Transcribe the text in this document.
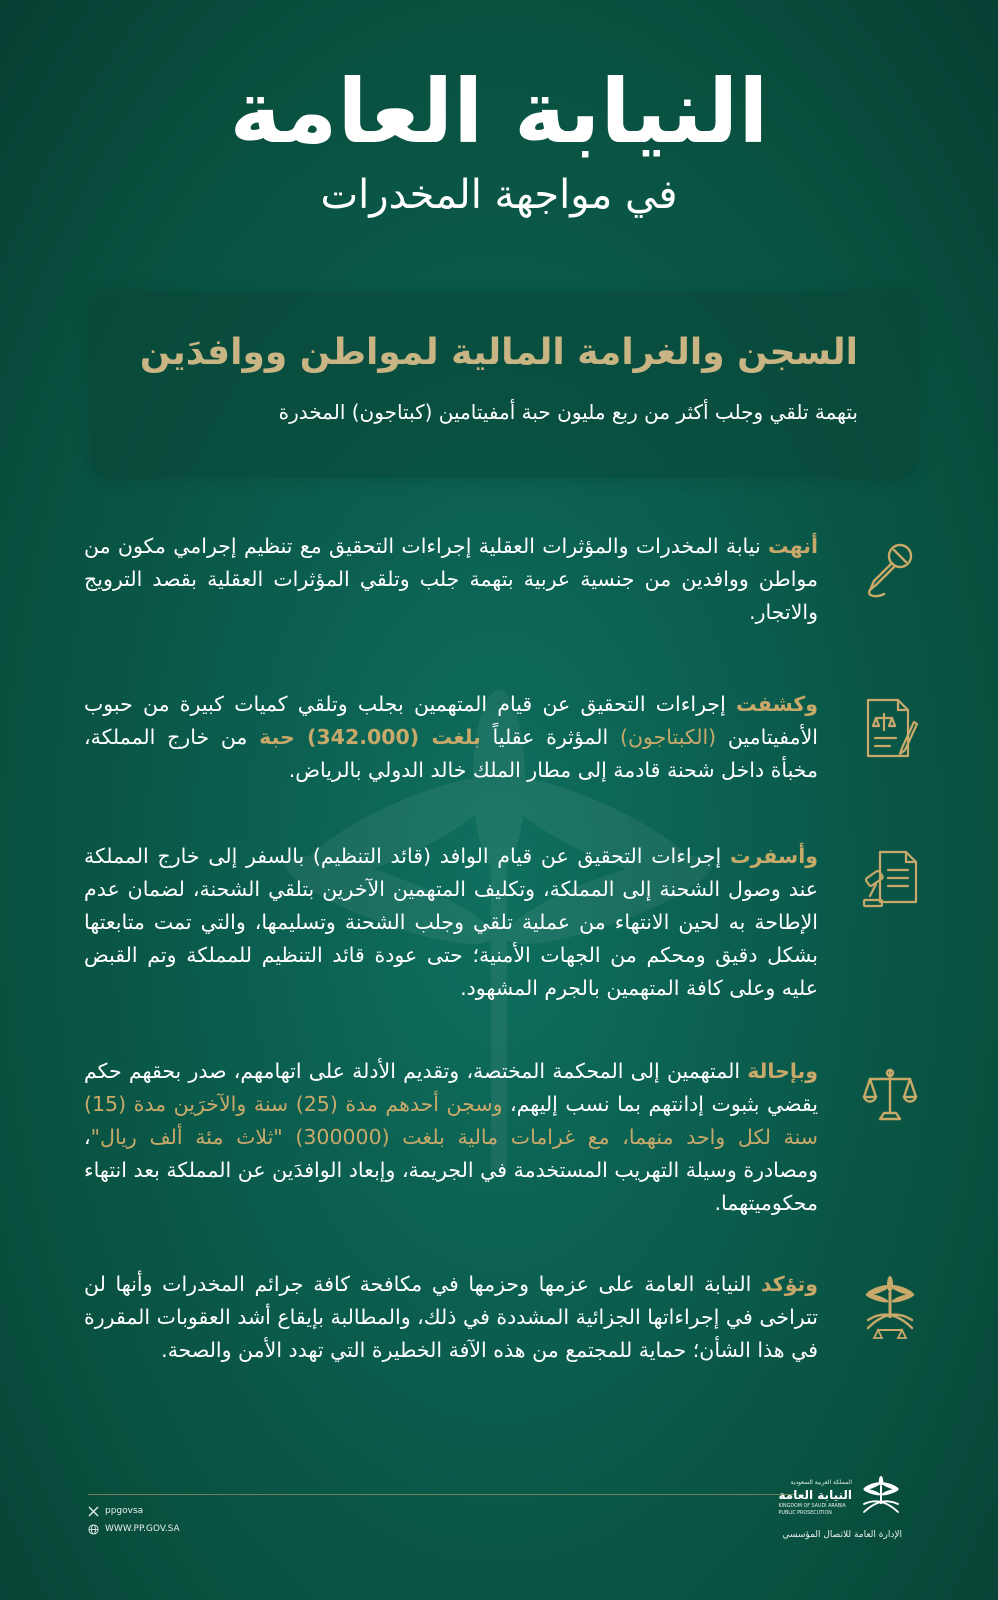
النيابة العامة
في مواجهة المخدرات
السجن والغرامة المالية لمواطن ووافدَين
بتهمة تلقي وجلب أكثر من ربع مليون حبة أمفيتامين (كبتاجون) المخدرة
أنهت نيابة المخدرات والمؤثرات العقلية إجراءات التحقيق مع تنظيم إجرامي مكون من مواطن ووافدين من جنسية عربية بتهمة جلب وتلقي المؤثرات العقلية بقصد الترويج والاتجار.
وكشفت إجراءات التحقيق عن قيام المتهمين بجلب وتلقي كميات كبيرة من حبوب الأمفيتامين (الكبتاجون) المؤثرة عقلياً بلغت (342.000) حبة من خارج المملكة، مخبأة داخل شحنة قادمة إلى مطار الملك خالد الدولي بالرياض.
وأسفرت إجراءات التحقيق عن قيام الوافد (قائد التنظيم) بالسفر إلى خارج المملكة عند وصول الشحنة إلى المملكة، وتكليف المتهمين الآخرين بتلقي الشحنة، لضمان عدم الإطاحة به لحين الانتهاء من عملية تلقي وجلب الشحنة وتسليمها، والتي تمت متابعتها بشكل دقيق ومحكم من الجهات الأمنية؛ حتى عودة قائد التنظيم للمملكة وتم القبض عليه وعلى كافة المتهمين بالجرم المشهود.
وبإحالة المتهمين إلى المحكمة المختصة، وتقديم الأدلة على اتهامهم، صدر بحقهم حكم يقضي بثبوت إدانتهم بما نسب إليهم، وسجن أحدهم مدة (25) سنة والآخرَين مدة (15) سنة لكل واحد منهما، مع غرامات مالية بلغت (300000) "ثلاث مئة ألف ريال"، ومصادرة وسيلة التهريب المستخدمة في الجريمة، وإبعاد الوافدَين عن المملكة بعد انتهاء محكوميتهما.
وتؤكد النيابة العامة على عزمها وحزمها في مكافحة كافة جرائم المخدرات وأنها لن تتراخى في إجراءاتها الجزائية المشددة في ذلك، والمطالبة بإيقاع أشد العقوبات المقررة في هذا الشأن؛ حماية للمجتمع من هذه الآفة الخطيرة التي تهدد الأمن والصحة.
ppgovsa
WWW.PP.GOV.SA
المملكة العربية السعودية
النيابة العامة
KINGDOM OF SAUDI ARABIA
PUBLIC PROSECUTION
الإدارة العامة للاتصال المؤسسي
